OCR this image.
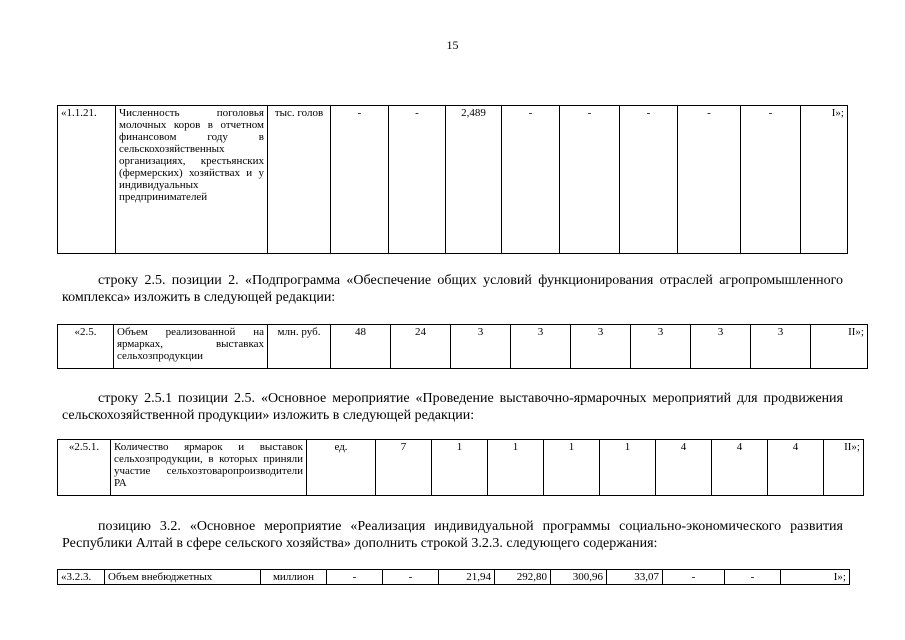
15
«1.1.21.	Численность поголовья молочных коров в отчетном финансовом году в сельскохозяйственных организациях, крестьянских (фермерских) хозяйствах и у индивидуальных предпринимателей	тыс. голов	-	-	2,489	-	-	-	-	-	I»;
строку 2.5. позиции 2. «Подпрограмма «Обеспечение общих условий функционирования отраслей агропромышленного комплекса» изложить в следующей редакции:
«2.5.	Объем реализованной на ярмарках, выставках сельхозпродукции	млн. руб.	48	24	3	3	3	3	3	3	II»;
строку 2.5.1 позиции 2.5. «Основное мероприятие «Проведение выставочно-ярмарочных мероприятий для продвижения сельскохозяйственной продукции» изложить в следующей редакции:
«2.5.1.	Количество ярмарок и выставок сельхозпродукции, в которых приняли участие сельхозтоваропроизводители РА	ед.	7	1	1	1	1	4	4	4	II»;
позицию 3.2. «Основное мероприятие «Реализация индивидуальной программы социально-экономического развития Республики Алтай в сфере сельского хозяйства» дополнить строкой 3.2.3. следующего содержания:
«3.2.3.	Объем внебюджетных	миллион	-	-	21,94	292,80	300,96	33,07	-	-	I»;
